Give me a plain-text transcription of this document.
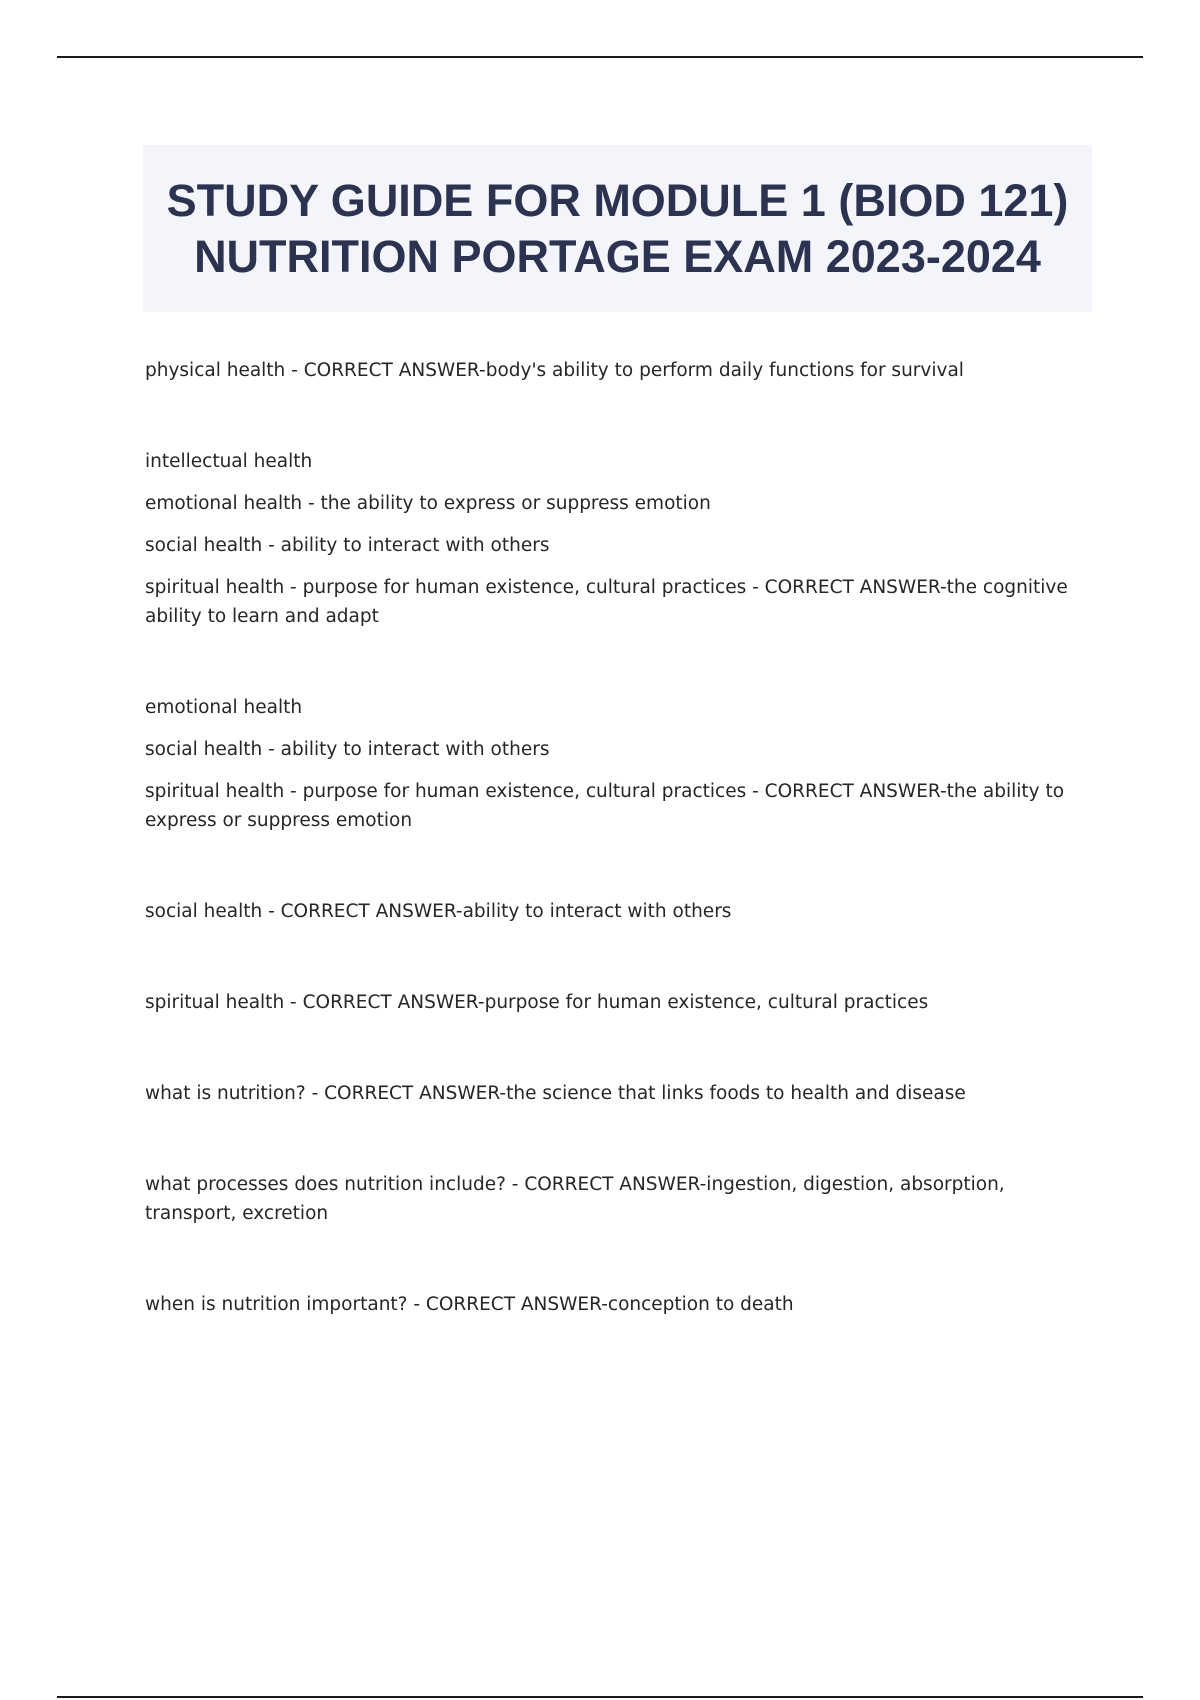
STUDY GUIDE FOR MODULE 1 (BIOD 121) NUTRITION PORTAGE EXAM 2023-2024

physical health - CORRECT ANSWER-body's ability to perform daily functions for survival

intellectual health

emotional health - the ability to express or suppress emotion

social health - ability to interact with others

spiritual health - purpose for human existence, cultural practices - CORRECT ANSWER-the cognitive ability to learn and adapt

emotional health

social health - ability to interact with others

spiritual health - purpose for human existence, cultural practices - CORRECT ANSWER-the ability to express or suppress emotion

social health - CORRECT ANSWER-ability to interact with others

spiritual health - CORRECT ANSWER-purpose for human existence, cultural practices

what is nutrition? - CORRECT ANSWER-the science that links foods to health and disease

what processes does nutrition include? - CORRECT ANSWER-ingestion, digestion, absorption, transport, excretion

when is nutrition important? - CORRECT ANSWER-conception to death
